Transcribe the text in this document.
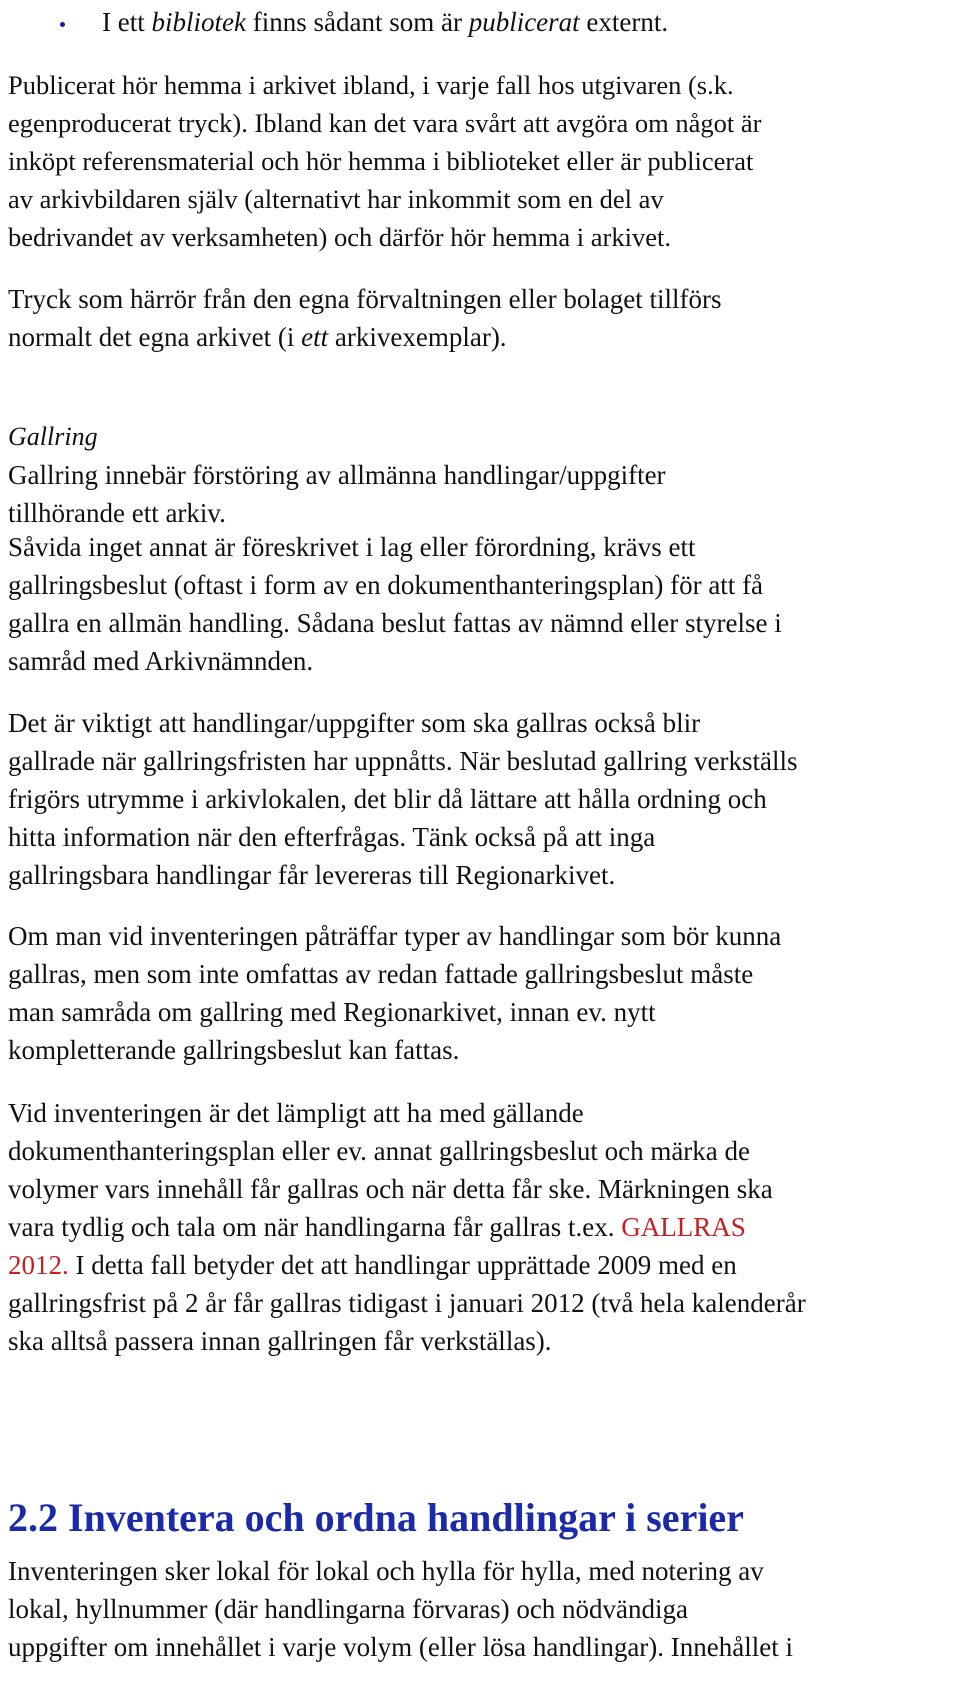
I ett bibliotek finns sådant som är publicerat externt.

Publicerat hör hemma i arkivet ibland, i varje fall hos utgivaren (s.k.
egenproducerat tryck). Ibland kan det vara svårt att avgöra om något är
inköpt referensmaterial och hör hemma i biblioteket eller är publicerat
av arkivbildaren själv (alternativt har inkommit som en del av
bedrivandet av verksamheten) och därför hör hemma i arkivet.

Tryck som härrör från den egna förvaltningen eller bolaget tillförs
normalt det egna arkivet (i ett arkivexemplar).

Gallring

Gallring innebär förstöring av allmänna handlingar/uppgifter
tillhörande ett arkiv.

Såvida inget annat är föreskrivet i lag eller förordning, krävs ett
gallringsbeslut (oftast i form av en dokumenthanteringsplan) för att få
gallra en allmän handling. Sådana beslut fattas av nämnd eller styrelse i
samråd med Arkivnämnden.

Det är viktigt att handlingar/uppgifter som ska gallras också blir
gallrade när gallringsfristen har uppnåtts. När beslutad gallring verkställs
frigörs utrymme i arkivlokalen, det blir då lättare att hålla ordning och
hitta information när den efterfrågas. Tänk också på att inga
gallringsbara handlingar får levereras till Regionarkivet.

Om man vid inventeringen påträffar typer av handlingar som bör kunna
gallras, men som inte omfattas av redan fattade gallringsbeslut måste
man samråda om gallring med Regionarkivet, innan ev. nytt
kompletterande gallringsbeslut kan fattas.

Vid inventeringen är det lämpligt att ha med gällande
dokumenthanteringsplan eller ev. annat gallringsbeslut och märka de
volymer vars innehåll får gallras och när detta får ske. Märkningen ska
vara tydlig och tala om när handlingarna får gallras t.ex. GALLRAS
2012. I detta fall betyder det att handlingar upprättade 2009 med en
gallringsfrist på 2 år får gallras tidigast i januari 2012 (två hela kalenderår
ska alltså passera innan gallringen får verkställas).

2.2 Inventera och ordna handlingar i serier

Inventeringen sker lokal för lokal och hylla för hylla, med notering av
lokal, hyllnummer (där handlingarna förvaras) och nödvändiga
uppgifter om innehållet i varje volym (eller lösa handlingar). Innehållet i
